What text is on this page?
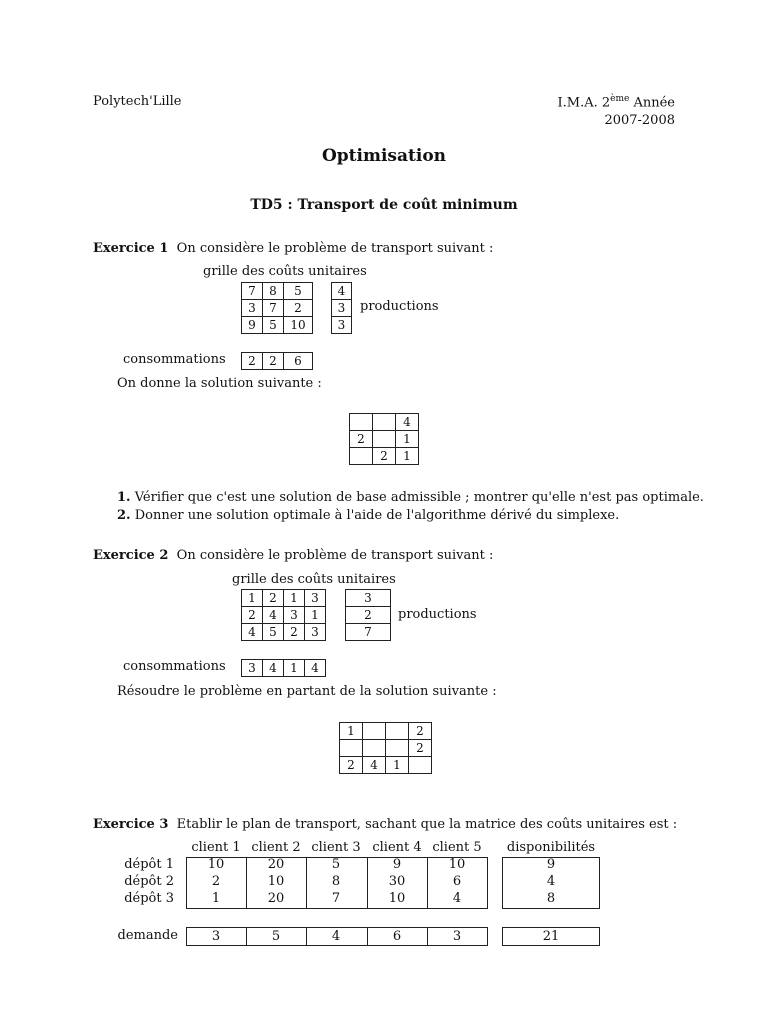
Polytech'Lille	I.M.A. 2ème Année
2007-2008
Optimisation
TD5 : Transport de coût minimum
Exercice 1 On considère le problème de transport suivant :
grille des coûts unitaires
7	8	5
3	7	2
9	5	10
4
3
3
productions
consommations 2	2	6
On donne la solution suivante :
		4
2		1
	2	1
1. Vérifier que c'est une solution de base admissible ; montrer qu'elle n'est pas optimale.
2. Donner une solution optimale à l'aide de l'algorithme dérivé du simplexe.
Exercice 2 On considère le problème de transport suivant :
grille des coûts unitaires
1	2	1	3
2	4	3	1
4	5	2	3
3
2
7
productions
consommations 3	4	1	4
Résoudre le problème en partant de la solution suivante :
1			2
			2
2	4	1	
Exercice 3 Etablir le plan de transport, sachant que la matrice des coûts unitaires est :
client 1 client 2 client 3 client 4 client 5	disponibilités
dépôt 1	10	20	5	9	10	9
dépôt 2	2	10	8	30	6	4
dépôt 3	1	20	7	10	4	8
demande	3	5	4	6	3	21
